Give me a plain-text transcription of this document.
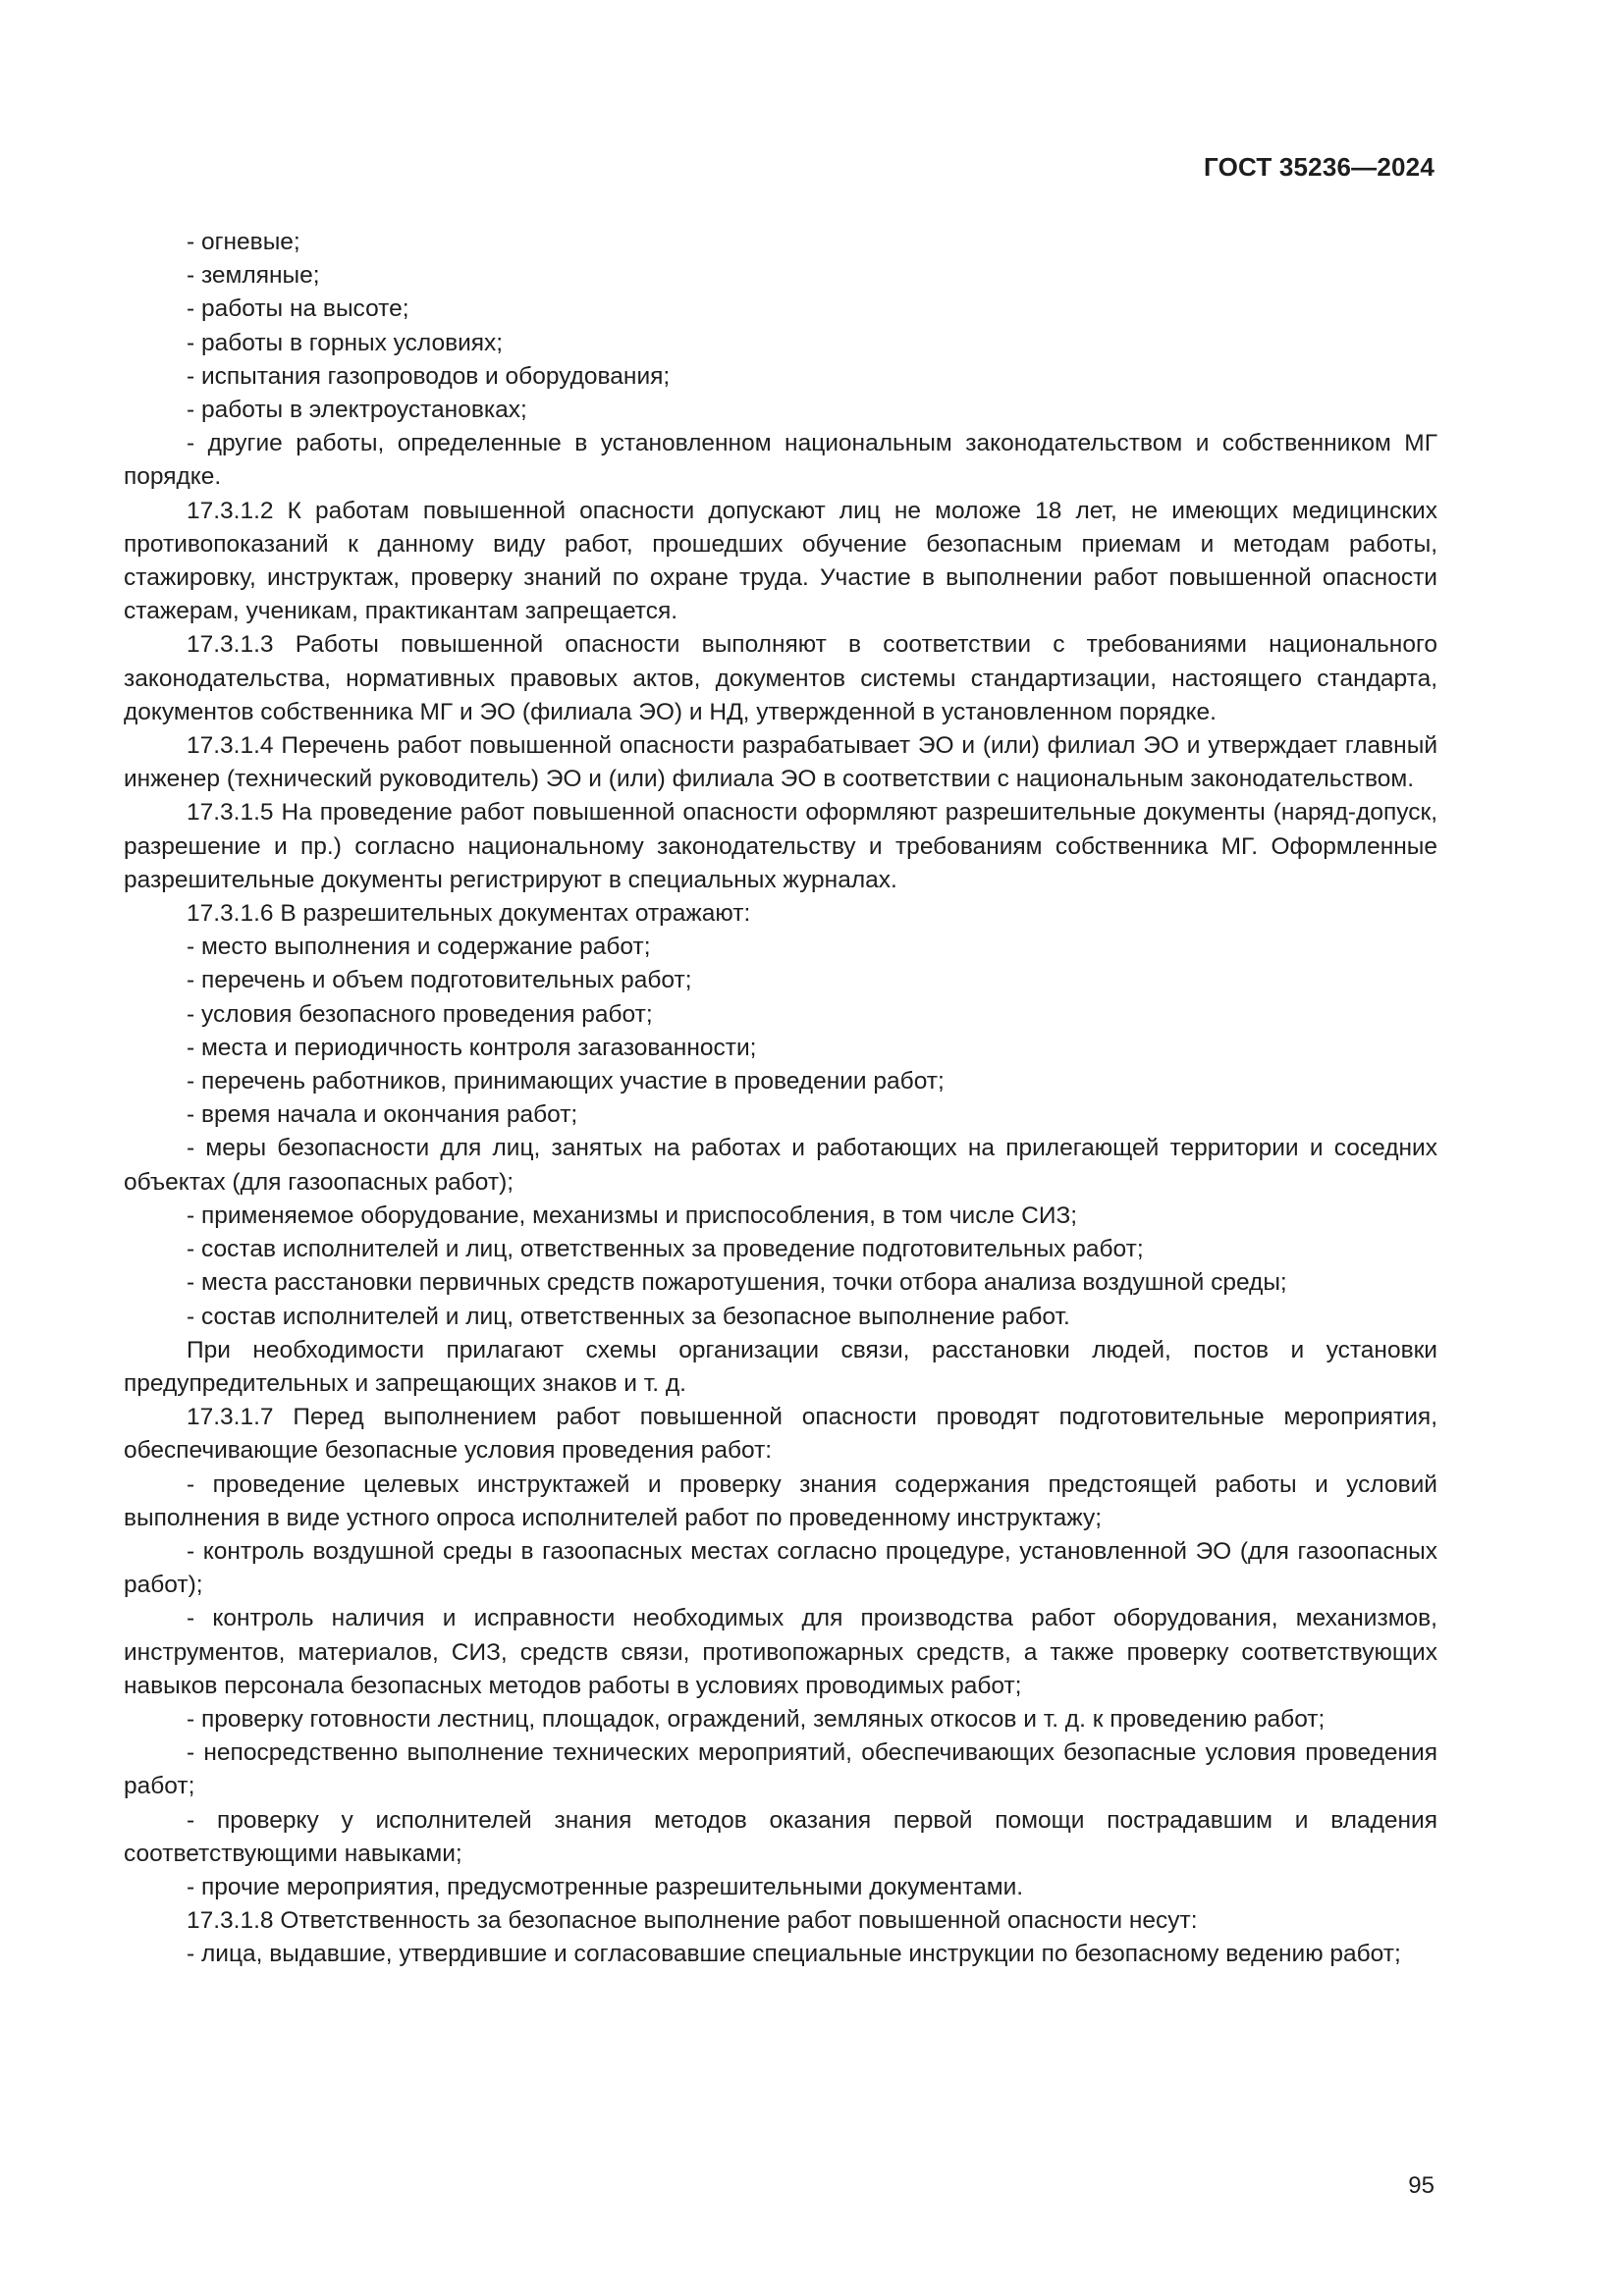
ГОСТ 35236—2024

- огневые;

- земляные;

- работы на высоте;

- работы в горных условиях;

- испытания газопроводов и оборудования;

- работы в электроустановках;

- другие работы, определенные в установленном национальным законодательством и собственником МГ порядке.

17.3.1.2 К работам повышенной опасности допускают лиц не моложе 18 лет, не имеющих медицинских противопоказаний к данному виду работ, прошедших обучение безопасным приемам и методам работы, стажировку, инструктаж, проверку знаний по охране труда. Участие в выполнении работ повышенной опасности стажерам, ученикам, практикантам запрещается.

17.3.1.3 Работы повышенной опасности выполняют в соответствии с требованиями национального законодательства, нормативных правовых актов, документов системы стандартизации, настоящего стандарта, документов собственника МГ и ЭО (филиала ЭО) и НД, утвержденной в установленном порядке.

17.3.1.4 Перечень работ повышенной опасности разрабатывает ЭО и (или) филиал ЭО и утверждает главный инженер (технический руководитель) ЭО и (или) филиала ЭО в соответствии с национальным законодательством.

17.3.1.5 На проведение работ повышенной опасности оформляют разрешительные документы (наряд-допуск, разрешение и пр.) согласно национальному законодательству и требованиям собственника МГ. Оформленные разрешительные документы регистрируют в специальных журналах.

17.3.1.6 В разрешительных документах отражают:

- место выполнения и содержание работ;

- перечень и объем подготовительных работ;

- условия безопасного проведения работ;

- места и периодичность контроля загазованности;

- перечень работников, принимающих участие в проведении работ;

- время начала и окончания работ;

- меры безопасности для лиц, занятых на работах и работающих на прилегающей территории и соседних объектах (для газоопасных работ);

- применяемое оборудование, механизмы и приспособления, в том числе СИЗ;

- состав исполнителей и лиц, ответственных за проведение подготовительных работ;

- места расстановки первичных средств пожаротушения, точки отбора анализа воздушной среды;

- состав исполнителей и лиц, ответственных за безопасное выполнение работ.

При необходимости прилагают схемы организации связи, расстановки людей, постов и установки предупредительных и запрещающих знаков и т. д.

17.3.1.7 Перед выполнением работ повышенной опасности проводят подготовительные мероприятия, обеспечивающие безопасные условия проведения работ:

- проведение целевых инструктажей и проверку знания содержания предстоящей работы и условий выполнения в виде устного опроса исполнителей работ по проведенному инструктажу;

- контроль воздушной среды в газоопасных местах согласно процедуре, установленной ЭО (для газоопасных работ);

- контроль наличия и исправности необходимых для производства работ оборудования, механизмов, инструментов, материалов, СИЗ, средств связи, противопожарных средств, а также проверку соответствующих навыков персонала безопасных методов работы в условиях проводимых работ;

- проверку готовности лестниц, площадок, ограждений, земляных откосов и т. д. к проведению работ;

- непосредственно выполнение технических мероприятий, обеспечивающих безопасные условия проведения работ;

- проверку у исполнителей знания методов оказания первой помощи пострадавшим и владения соответствующими навыками;

- прочие мероприятия, предусмотренные разрешительными документами.

17.3.1.8 Ответственность за безопасное выполнение работ повышенной опасности несут:

- лица, выдавшие, утвердившие и согласовавшие специальные инструкции по безопасному ведению работ;

95
